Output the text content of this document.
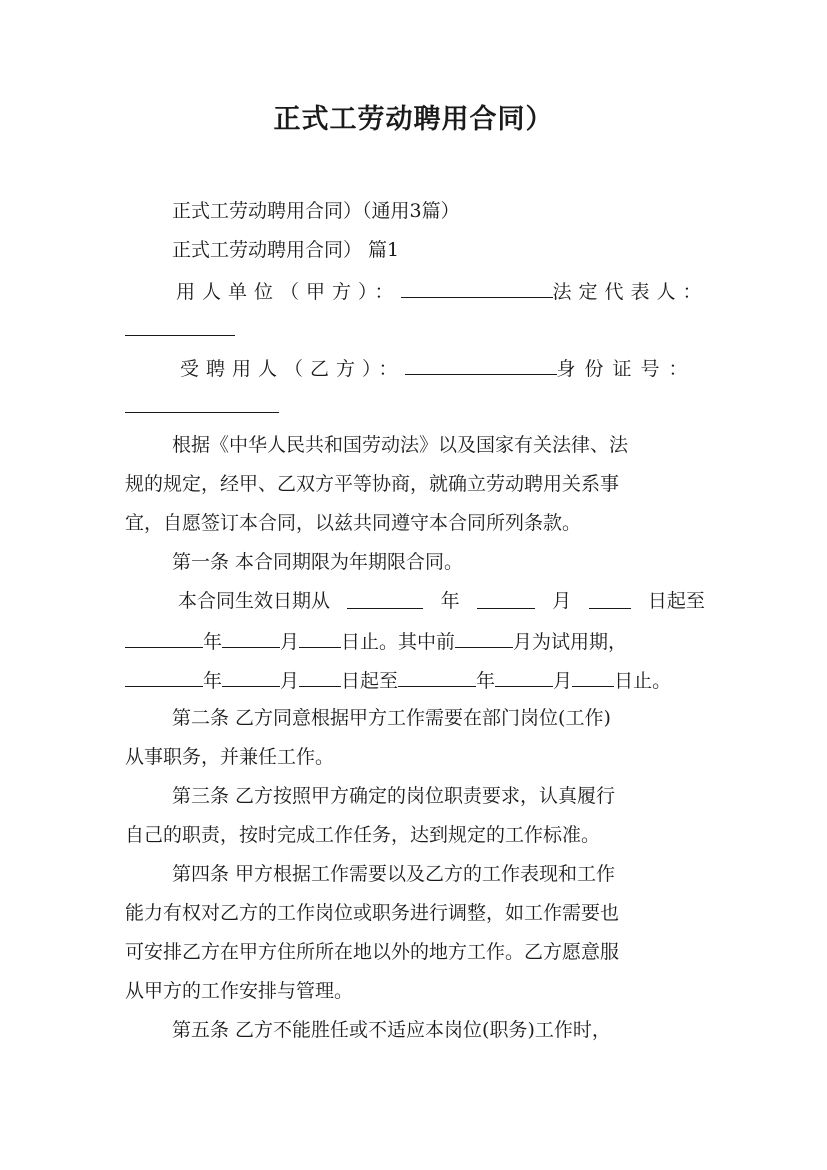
正式工劳动聘用合同）
正式工劳动聘用合同）（通用3篇）
正式工劳动聘用合同） 篇1
用人单位（甲方）：	法定代表人：
受聘用人（乙方）：	身份证号：
根据《中华人民共和国劳动法》以及国家有关法律、法
规的规定，经甲、乙双方平等协商，就确立劳动聘用关系事
宜，自愿签订本合同，以兹共同遵守本合同所列条款。
第一条 本合同期限为年期限合同。
本合同生效日期从	年	月	日起至
年	月 日止。其中前	月为试用期，
年	月 日起至	年	月 日止。
第二条 乙方同意根据甲方工作需要在部门岗位(工作)
从事职务，并兼任工作。
第三条 乙方按照甲方确定的岗位职责要求，认真履行
自己的职责，按时完成工作任务，达到规定的工作标准。
第四条 甲方根据工作需要以及乙方的工作表现和工作
能力有权对乙方的工作岗位或职务进行调整，如工作需要也
可安排乙方在甲方住所所在地以外的地方工作。乙方愿意服
从甲方的工作安排与管理。
第五条 乙方不能胜任或不适应本岗位(职务)工作时，
